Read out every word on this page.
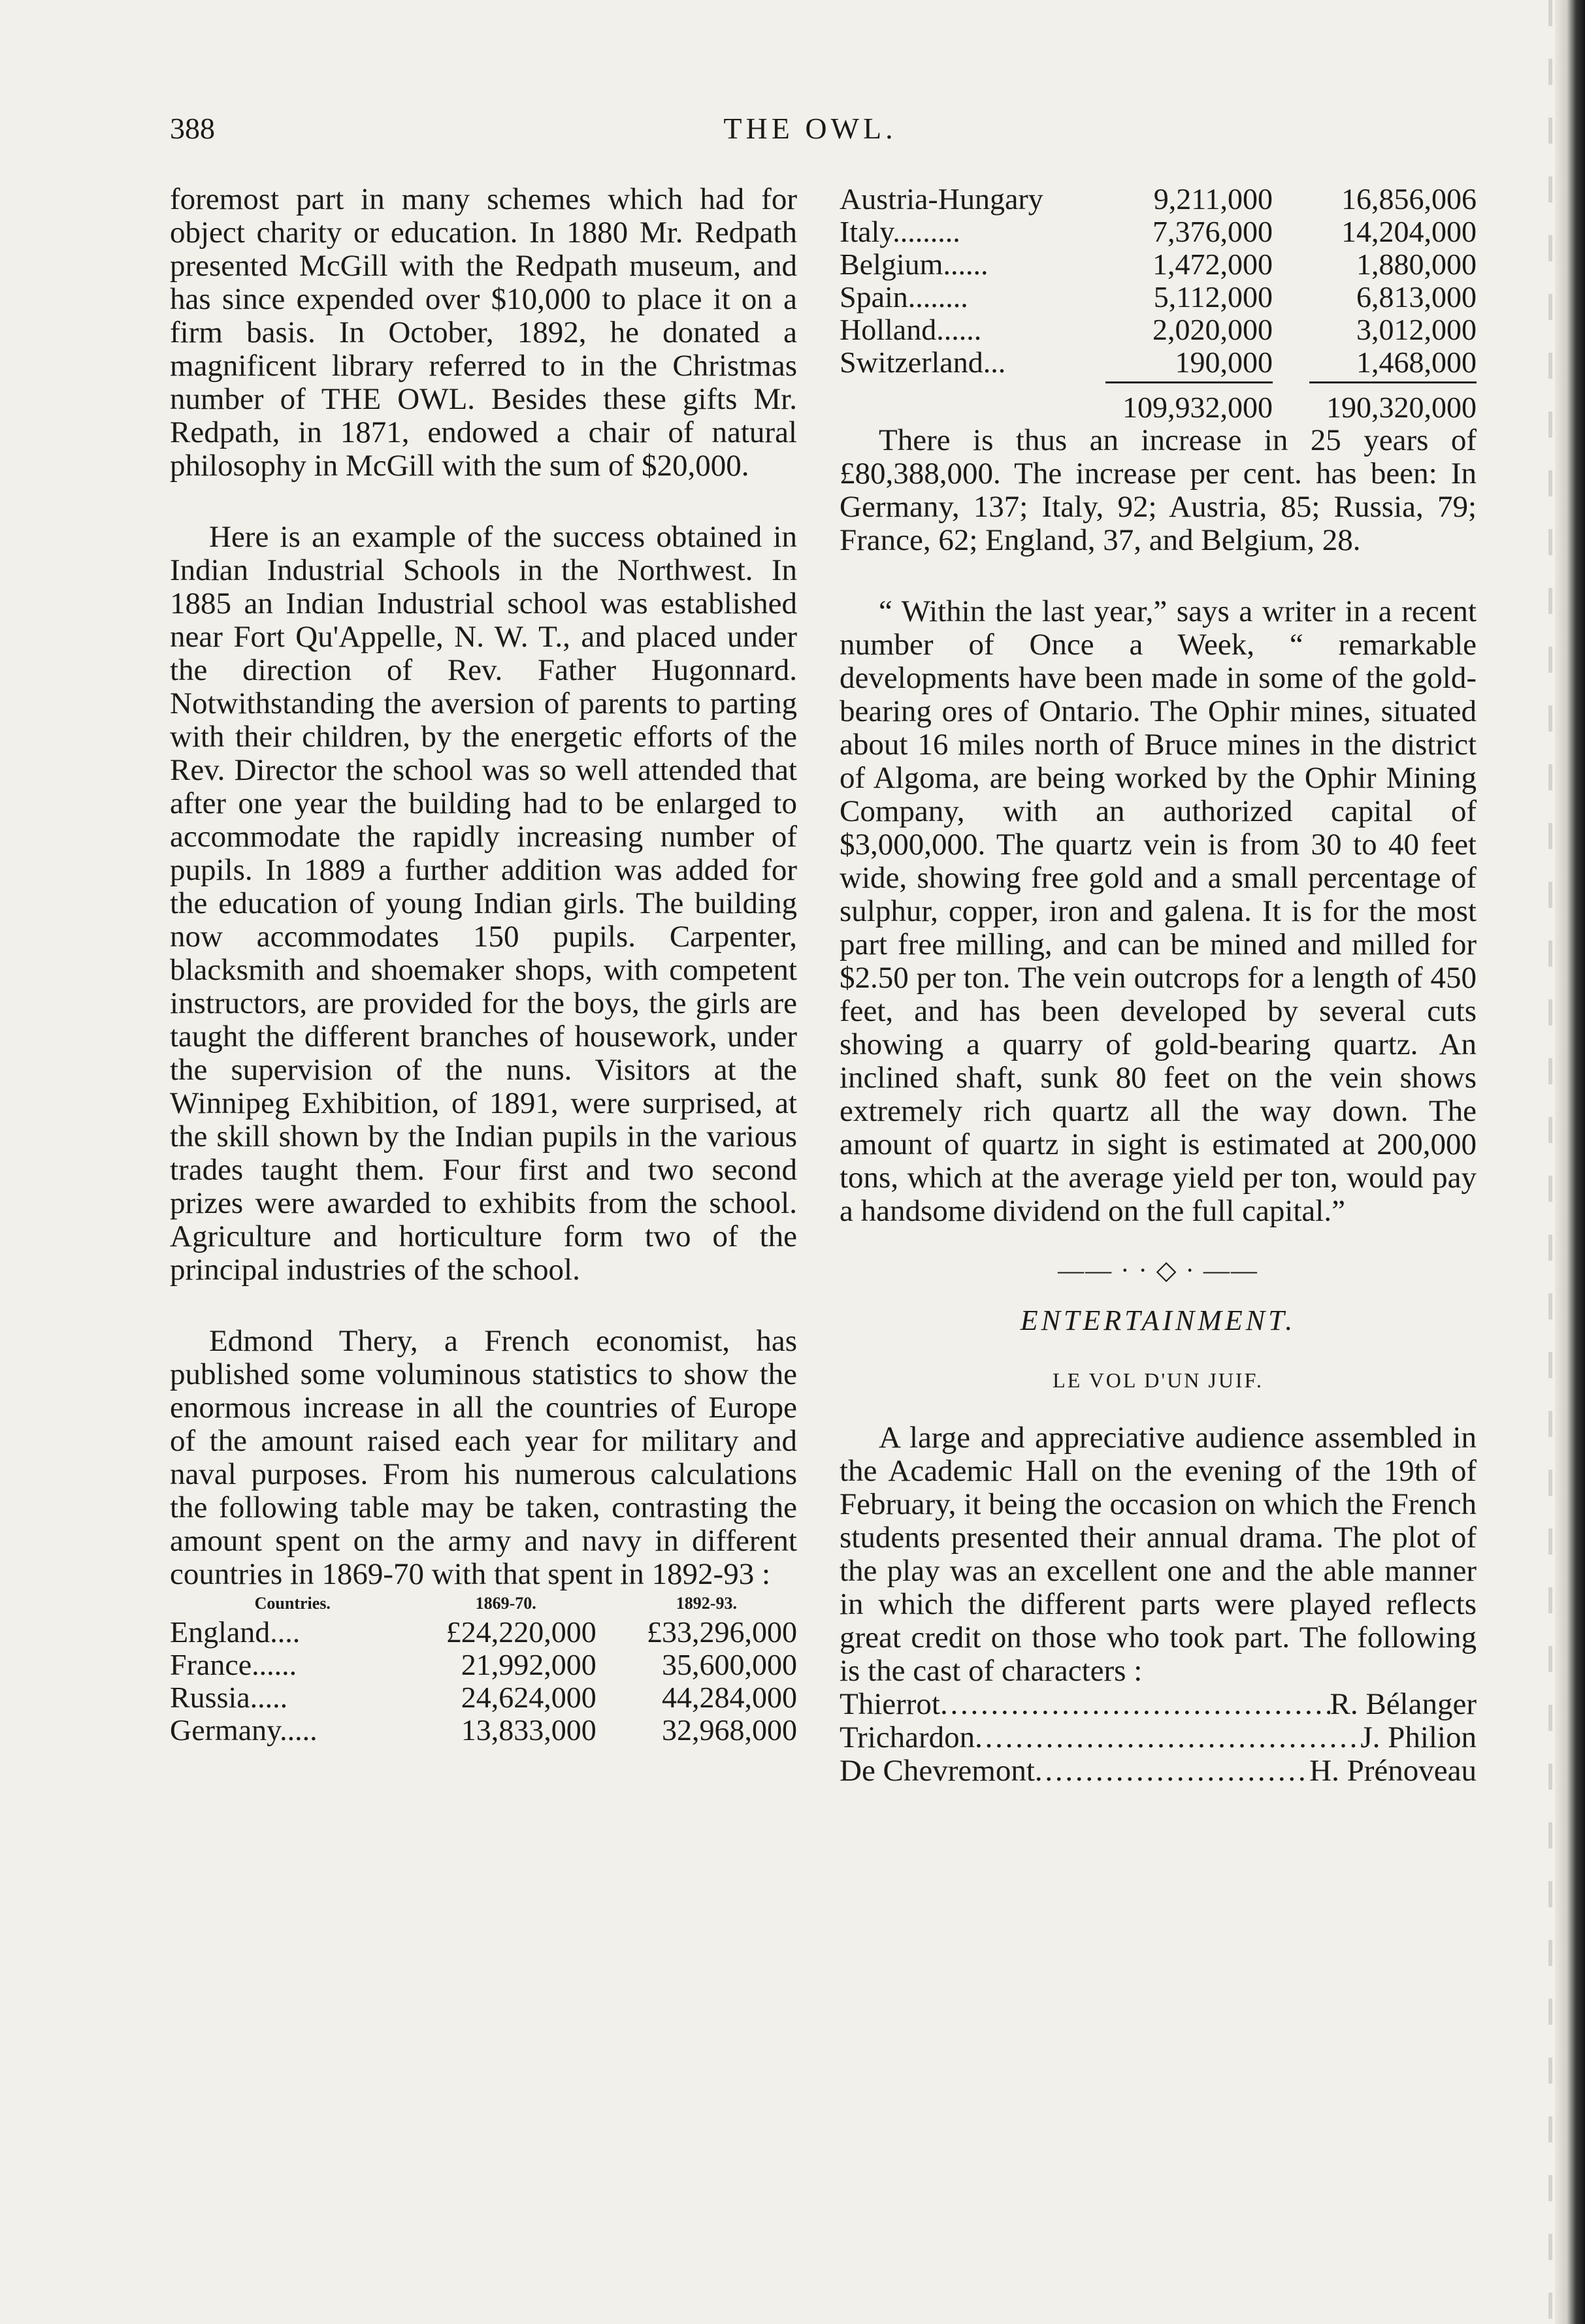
388	THE OWL.

foremost part in many schemes which had for object charity or education. In 1880 Mr. Redpath presented McGill with the Redpath museum, and has since expended over $10,000 to place it on a firm basis. In October, 1892, he donated a magnificent library referred to in the Christmas number of THE OWL. Besides these gifts Mr. Redpath, in 1871, endowed a chair of natural philosophy in McGill with the sum of $20,000.

Here is an example of the success obtained in Indian Industrial Schools in the Northwest. In 1885 an Indian Industrial school was established near Fort Qu'Appelle, N. W. T., and placed under the direction of Rev. Father Hugonnard. Notwithstanding the aversion of parents to parting with their children, by the energetic efforts of the Rev. Director the school was so well attended that after one year the building had to be enlarged to accommodate the rapidly increasing number of pupils. In 1889 a further addition was added for the education of young Indian girls. The building now accommodates 150 pupils. Carpenter, blacksmith and shoemaker shops, with competent instructors, are provided for the boys, the girls are taught the different branches of housework, under the supervision of the nuns. Visitors at the Winnipeg Exhibition, of 1891, were surprised, at the skill shown by the Indian pupils in the various trades taught them. Four first and two second prizes were awarded to exhibits from the school. Agriculture and horticulture form two of the principal industries of the school.

Edmond Thery, a French economist, has published some voluminous statistics to show the enormous increase in all the countries of Europe of the amount raised each year for military and naval purposes. From his numerous calculations the following table may be taken, contrasting the amount spent on the army and navy in different countries in 1869-70 with that spent in 1892-93 :

Countries.	1869-70.	1892-93.
England....	£24,220,000	£33,296,000
France......	21,992,000	35,600,000
Russia.....	24,624,000	44,284,000
Germany.....	13,833,000	32,968,000
Austria-Hungary	9,211,000	16,856,006
Italy.........	7,376,000	14,204,000
Belgium......	1,472,000	1,880,000
Spain........	5,112,000	6,813,000
Holland......	2,020,000	3,012,000
Switzerland...	190,000	1,468,000

	109,932,000	190,320,000

There is thus an increase in 25 years of £80,388,000. The increase per cent. has been: In Germany, 137; Italy, 92; Austria, 85; Russia, 79; France, 62; England, 37, and Belgium, 28.

“ Within the last year,” says a writer in a recent number of Once a Week, “ remarkable developments have been made in some of the gold-bearing ores of Ontario. The Ophir mines, situated about 16 miles north of Bruce mines in the district of Algoma, are being worked by the Ophir Mining Company, with an authorized capital of $3,000,000. The quartz vein is from 30 to 40 feet wide, showing free gold and a small percentage of sulphur, copper, iron and galena. It is for the most part free milling, and can be mined and milled for $2.50 per ton. The vein outcrops for a length of 450 feet, and has been developed by several cuts showing a quarry of gold-bearing quartz. An inclined shaft, sunk 80 feet on the vein shows extremely rich quartz all the way down. The amount of quartz in sight is estimated at 200,000 tons, which at the average yield per ton, would pay a handsome dividend on the full capital.”

—— · · ◇ · ——
ENTERTAINMENT.
LE VOL D'UN JUIF.

A large and appreciative audience assembled in the Academic Hall on the evening of the 19th of February, it being the occasion on which the French students presented their annual drama. The plot of the play was an excellent one and the able manner in which the different parts were played reflects great credit on those who took part. The following is the cast of characters :

Thierrot . . .	R. Bélanger
Trichardon . . .	J. Philion
De Chevremont . . .	H. Prénoveau
